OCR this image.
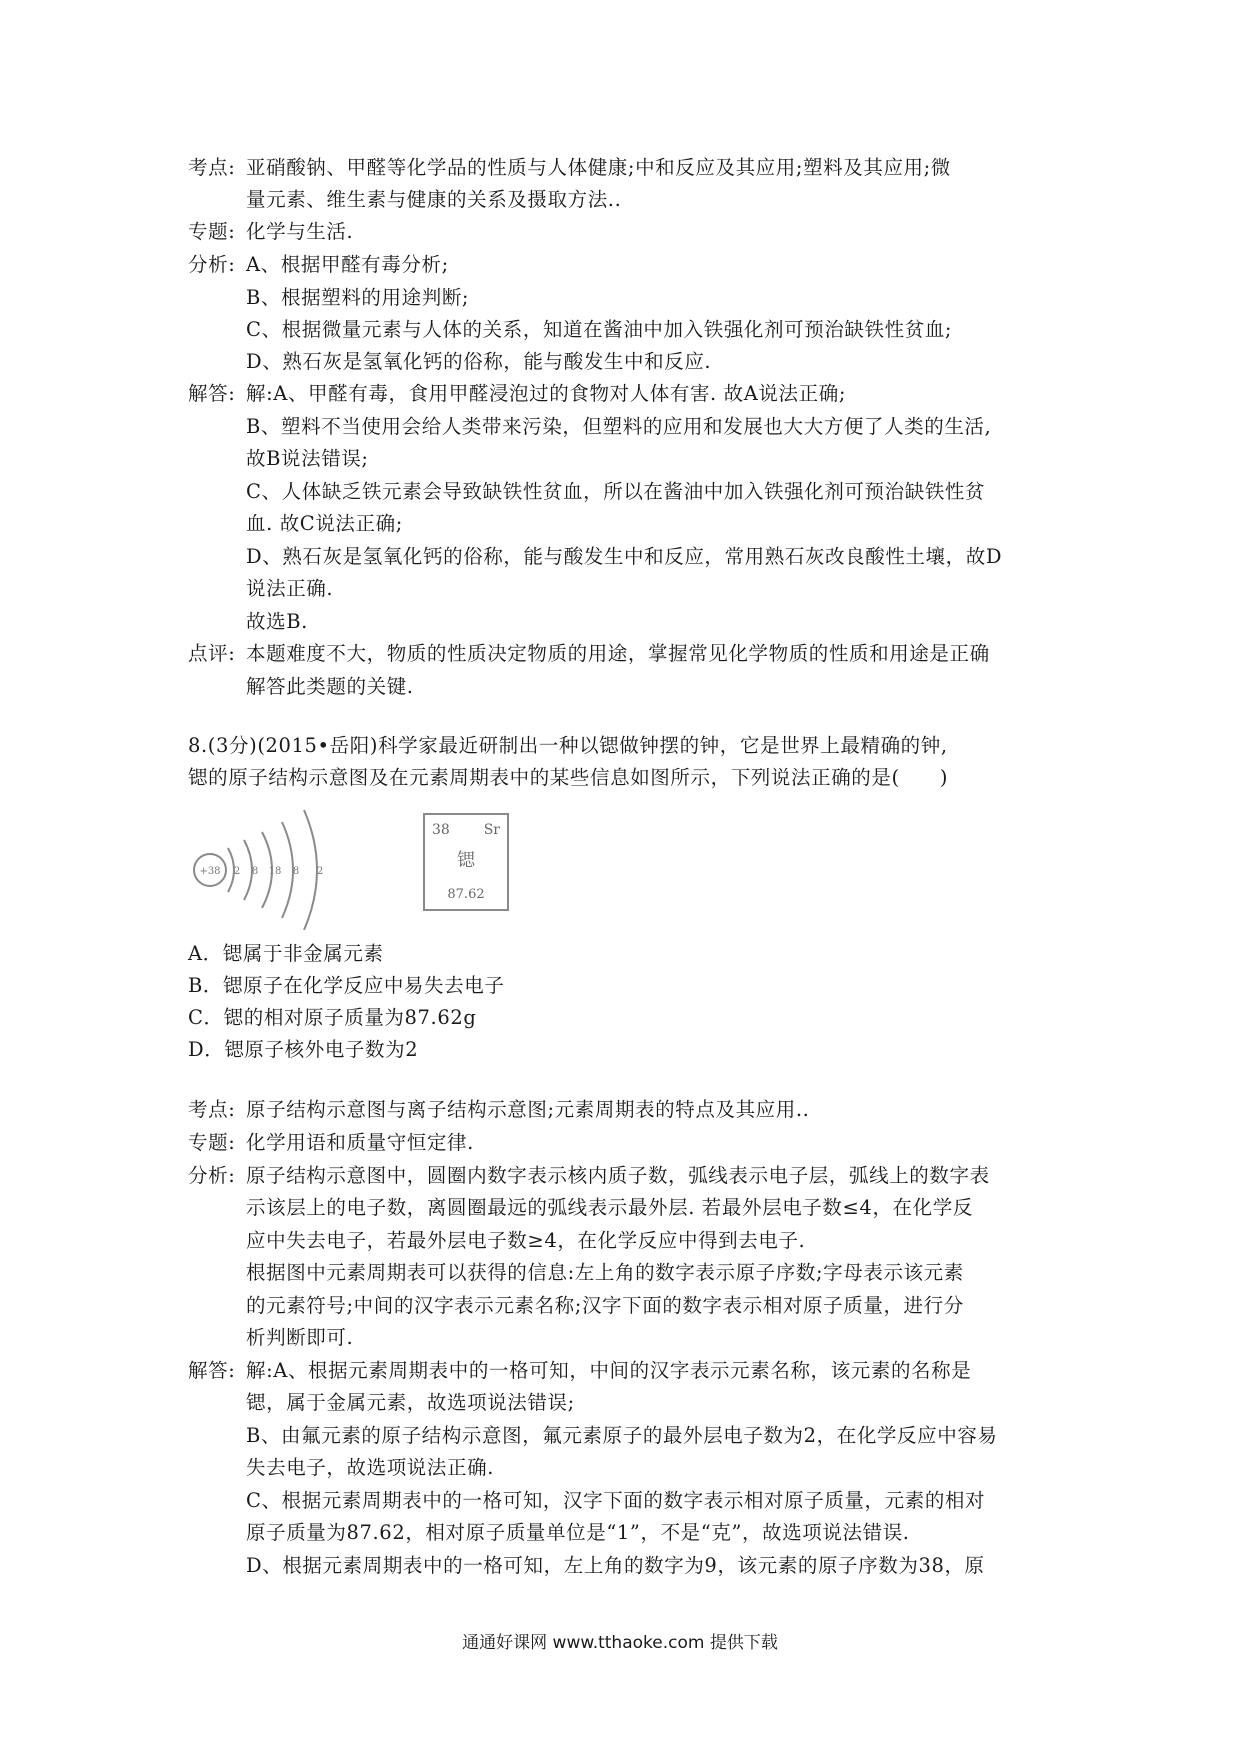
考点: 亚硝酸钠、甲醛等化学品的性质与人体健康;中和反应及其应用;塑料及其应用;微
量元素、维生素与健康的关系及摄取方法..
专题: 化学与生活.
分析: A、根据甲醛有毒分析;
B、根据塑料的用途判断;
C、根据微量元素与人体的关系，知道在酱油中加入铁强化剂可预治缺铁性贫血;
D、熟石灰是氢氧化钙的俗称，能与酸发生中和反应.
解答: 解:A、甲醛有毒，食用甲醛浸泡过的食物对人体有害. 故A说法正确;
B、塑料不当使用会给人类带来污染，但塑料的应用和发展也大大方便了人类的生活,
故B说法错误;
C、人体缺乏铁元素会导致缺铁性贫血，所以在酱油中加入铁强化剂可预治缺铁性贫
血. 故C说法正确;
D、熟石灰是氢氧化钙的俗称，能与酸发生中和反应，常用熟石灰改良酸性土壤，故D
说法正确.
故选B.
点评: 本题难度不大，物质的性质决定物质的用途，掌握常见化学物质的性质和用途是正确
解答此类题的关键.
8.(3分)(2015•岳阳)科学家最近研制出一种以锶做钟摆的钟，它是世界上最精确的钟,
锶的原子结构示意图及在元素周期表中的某些信息如图所示，下列说法正确的是(　　)
+38 2 8 18 8 2
38 Sr
锶
87.62
A．锶属于非金属元素
B．锶原子在化学反应中易失去电子
C．锶的相对原子质量为87.62g
D．锶原子核外电子数为2
考点: 原子结构示意图与离子结构示意图;元素周期表的特点及其应用..
专题: 化学用语和质量守恒定律.
分析: 原子结构示意图中，圆圈内数字表示核内质子数，弧线表示电子层，弧线上的数字表
示该层上的电子数，离圆圈最远的弧线表示最外层. 若最外层电子数≤4，在化学反
应中失去电子，若最外层电子数≥4，在化学反应中得到去电子.
根据图中元素周期表可以获得的信息:左上角的数字表示原子序数;字母表示该元素
的元素符号;中间的汉字表示元素名称;汉字下面的数字表示相对原子质量，进行分
析判断即可.
解答: 解:A、根据元素周期表中的一格可知，中间的汉字表示元素名称，该元素的名称是
锶，属于金属元素，故选项说法错误;
B、由氟元素的原子结构示意图，氟元素原子的最外层电子数为2，在化学反应中容易
失去电子，故选项说法正确.
C、根据元素周期表中的一格可知，汉字下面的数字表示相对原子质量，元素的相对
原子质量为87.62，相对原子质量单位是“1”，不是“克”，故选项说法错误.
D、根据元素周期表中的一格可知，左上角的数字为9，该元素的原子序数为38，原
通通好课网 www.tthaoke.com 提供下载
